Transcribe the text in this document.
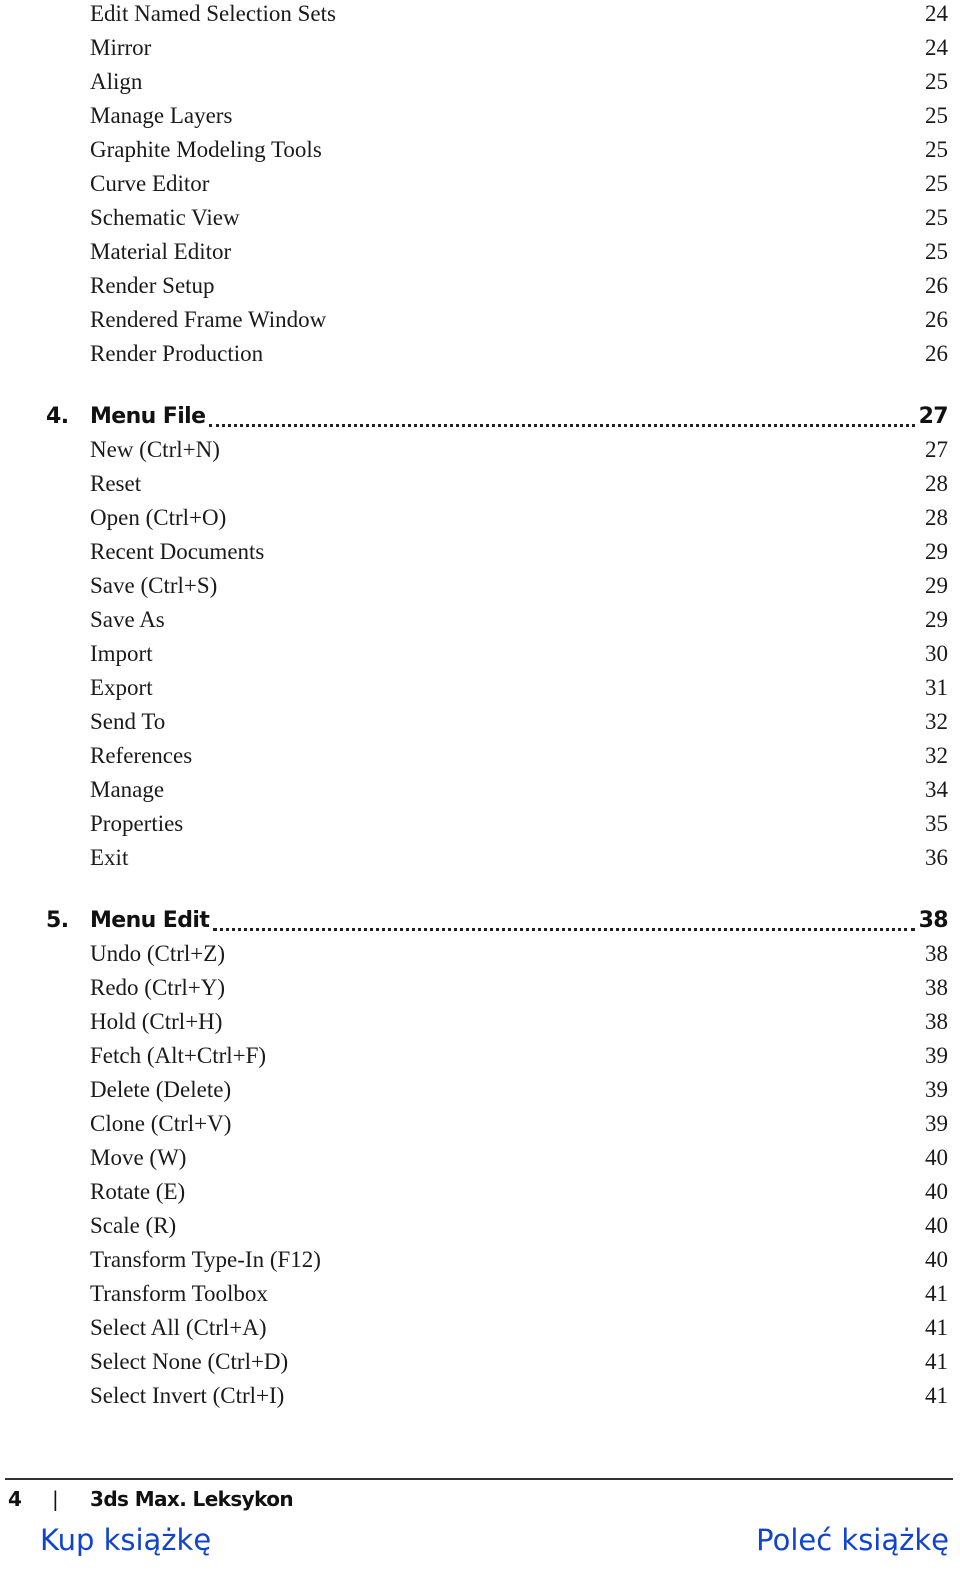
Edit Named Selection Sets	24
Mirror	24
Align	25
Manage Layers	25
Graphite Modeling Tools	25
Curve Editor	25
Schematic View	25
Material Editor	25
Render Setup	26
Rendered Frame Window	26
Render Production	26
4. Menu File	27
New (Ctrl+N)	27
Reset	28
Open (Ctrl+O)	28
Recent Documents	29
Save (Ctrl+S)	29
Save As	29
Import	30
Export	31
Send To	32
References	32
Manage	34
Properties	35
Exit	36
5. Menu Edit	38
Undo (Ctrl+Z)	38
Redo (Ctrl+Y)	38
Hold (Ctrl+H)	38
Fetch (Alt+Ctrl+F)	39
Delete (Delete)	39
Clone (Ctrl+V)	39
Move (W)	40
Rotate (E)	40
Scale (R)	40
Transform Type-In (F12)	40
Transform Toolbox	41
Select All (Ctrl+A)	41
Select None (Ctrl+D)	41
Select Invert (Ctrl+I)	41
4	|	3ds Max. Leksykon
Kup książkę	Poleć książkę
